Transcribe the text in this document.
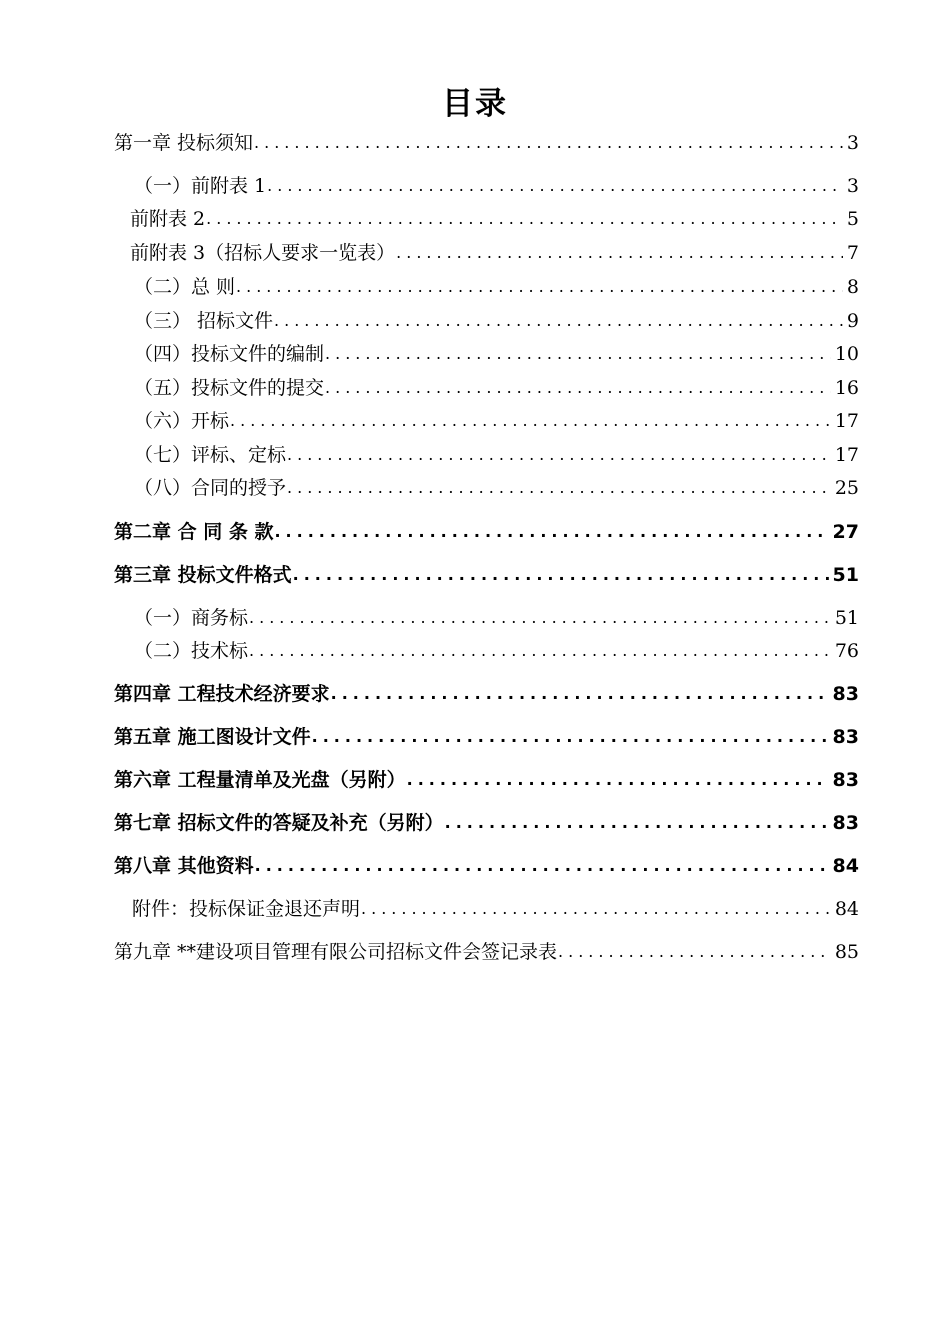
目录
第一章 投标须知 .....	3
（一）前附表 1 .....	3
前附表 2 .....	5
前附表 3（招标人要求一览表） .....	7
（二）总 则 .....	8
（三） 招标文件 .....	9
（四）投标文件的编制 .....	10
（五）投标文件的提交 .....	16
（六）开标 .....	17
（七）评标、定标 .....	17
（八）合同的授予 .....	25
第二章 合 同 条 款 .....	27
第三章 投标文件格式 .....	51
（一）商务标 .....	51
（二）技术标 .....	76
第四章 工程技术经济要求 .....	83
第五章 施工图设计文件 .....	83
第六章 工程量清单及光盘（另附） .....	83
第七章 招标文件的答疑及补充（另附） .....	83
第八章 其他资料 .....	84
附件：投标保证金退还声明 .....	84
第九章 **建设项目管理有限公司招标文件会签记录表 .....	85
